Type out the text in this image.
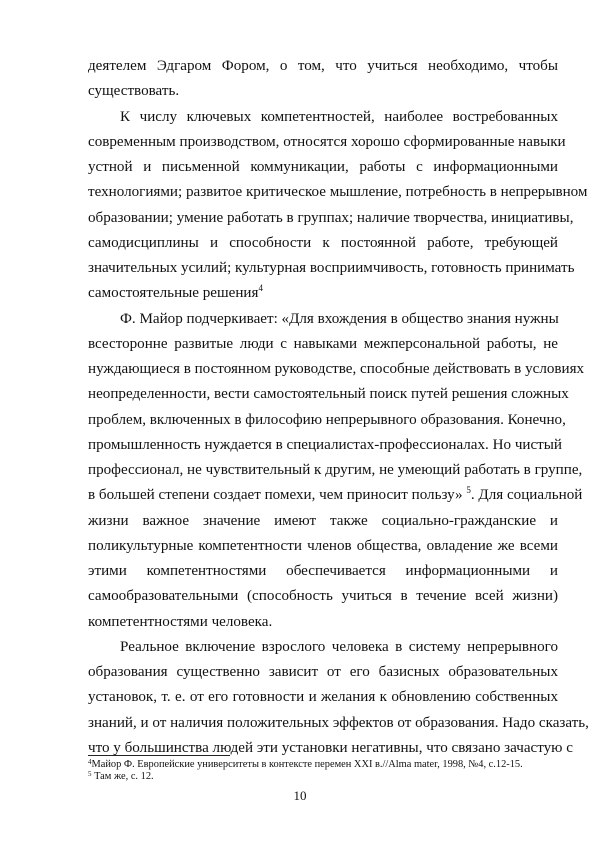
деятелем Эдгаром Фором, о том, что учиться необходимо, чтобы
существовать.
К числу ключевых компетентностей, наиболее востребованных
современным производством, относятся хорошо сформированные навыки
устной и письменной коммуникации, работы с информационными
технологиями; развитое критическое мышление, потребность в непрерывном
образовании; умение работать в группах; наличие творчества, инициативы,
самодисциплины и способности к постоянной работе, требующей
значительных усилий; культурная восприимчивость, готовность принимать
самостоятельные решения$^4$
Ф. Майор подчеркивает: «Для вхождения в общество знания нужны
всесторонне развитые люди с навыками межперсональной работы, не
нуждающиеся в постоянном руководстве, способные действовать в условиях
неопределенности, вести самостоятельный поиск путей решения сложных
проблем, включенных в философию непрерывного образования. Конечно,
промышленность нуждается в специалистах-профессионалах. Но чистый
профессионал, не чувствительный к другим, не умеющий работать в группе,
в большей степени создает помехи, чем приносит пользу» $^5$. Для социальной
жизни важное значение имеют также социально-гражданские и
поликультурные компетентности членов общества, овладение же всеми
этими компетентностями обеспечивается информационными и
самообразовательными (способность учиться в течение всей жизни)
компетентностями человека.
Реальное включение взрослого человека в систему непрерывного
образования существенно зависит от его базисных образовательных
установок, т. е. от его готовности и желания к обновлению собственных
знаний, и от наличия положительных эффектов от образования. Надо сказать,
что у большинства людей эти установки негативны, что связано зачастую с
$^4$Майор Ф. Европейские университеты в контексте перемен XXI в.//Alma mater, 1998, №4, с.12-15.
$^5$ Там же, с. 12.
10
